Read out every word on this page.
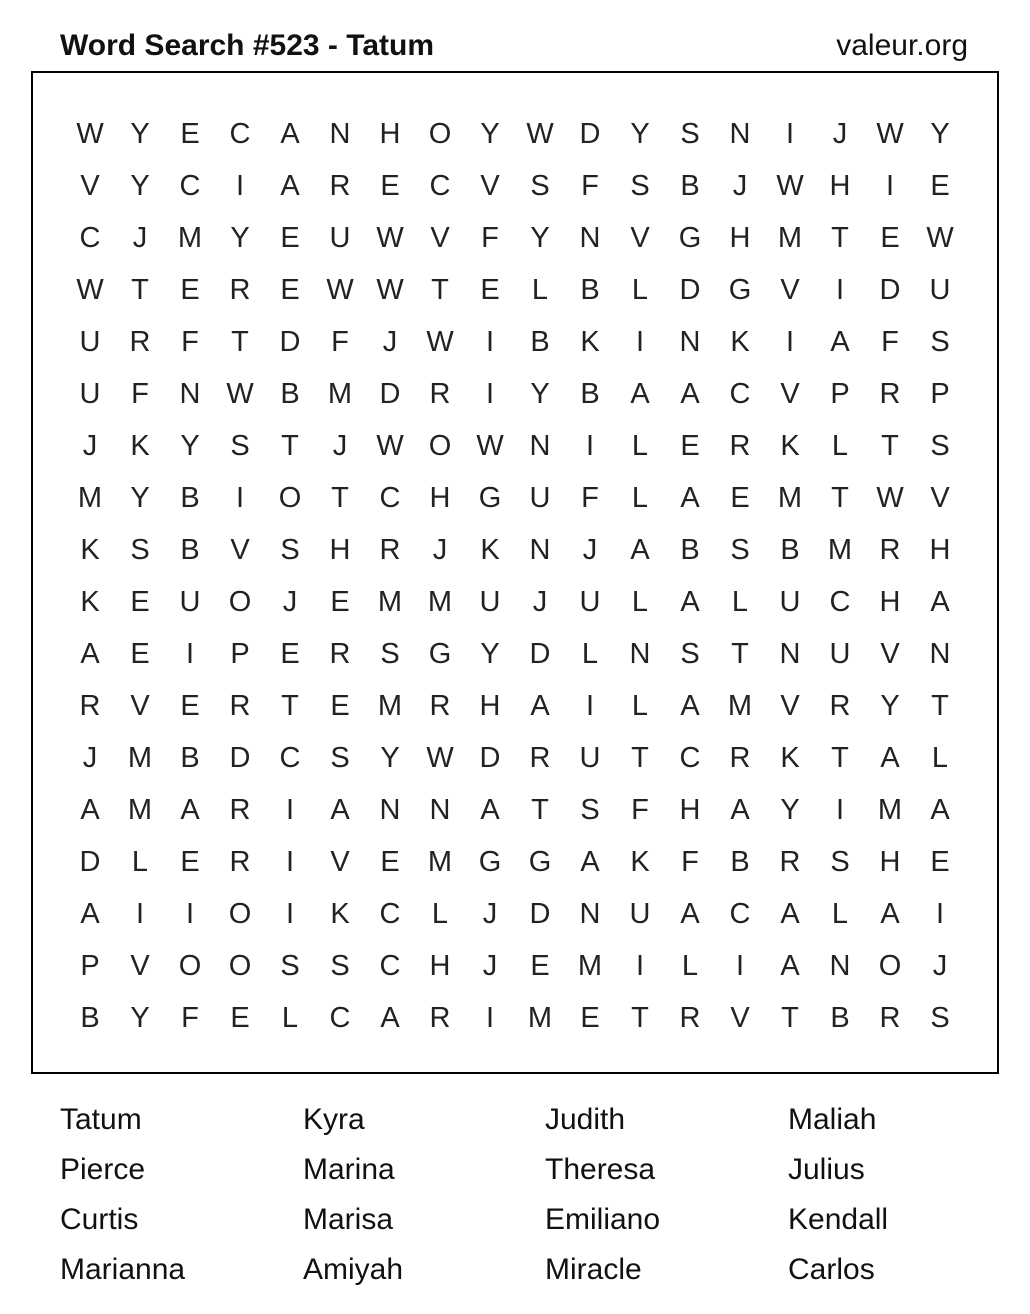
Word Search #523 - Tatum	valeur.org
W Y	E	C	A	N	H O	Y W D	Y	S	N	I	J	W Y
V	Y	C	I	A	R	E	C	V	S	F	S	B	J	W H	I	E
C	J	M Y	E	U W V	F	Y	N	V	G H M	T	E W
W T	E	R	E W W T	E	L	B	L	D G	V	I	D	U
U	R	F	T	D	F	J	W	I	B	K	I	N	K	I	A	F	S
U	F	N W B M D	R	I	Y	B	A	A	C	V	P	R	P
J	K	Y	S	T	J	W O W N	I	L	E	R	K	L	T	S
M Y	B	I	O	T	C	H G U	F	L	A	E M	T W V
K	S	B	V	S	H	R	J	K	N	J	A	B	S	B M R	H
K	E	U O	J	E M M U	J	U	L	A	L	U	C	H	A
A	E	I	P	E	R	S	G	Y	D	L	N	S	T	N	U	V	N
R	V	E	R	T	E M R	H	A	I	L	A M V	R	Y	T
J	M B	D	C	S	Y W D	R	U	T	C	R	K	T	A	L
A M A	R	I	A	N	N	A	T	S	F	H	A	Y	I	M A
D	L	E	R	I	V	E M G G	A	K	F	B	R	S	H	E
A	I	I	O	I	K	C	L	J	D	N	U	A	C	A	L	A	I
P	V	O O	S	S	C	H	J	E M	I	L	I	A	N O	J
B	Y	F	E	L	C	A	R	I	M E	T	R	V	T	B	R	S
Tatum	Kyra	Judith	Maliah
Pierce	Marina	Theresa	Julius
Curtis	Marisa	Emiliano	Kendall
Marianna	Amiyah	Miracle	Carlos
